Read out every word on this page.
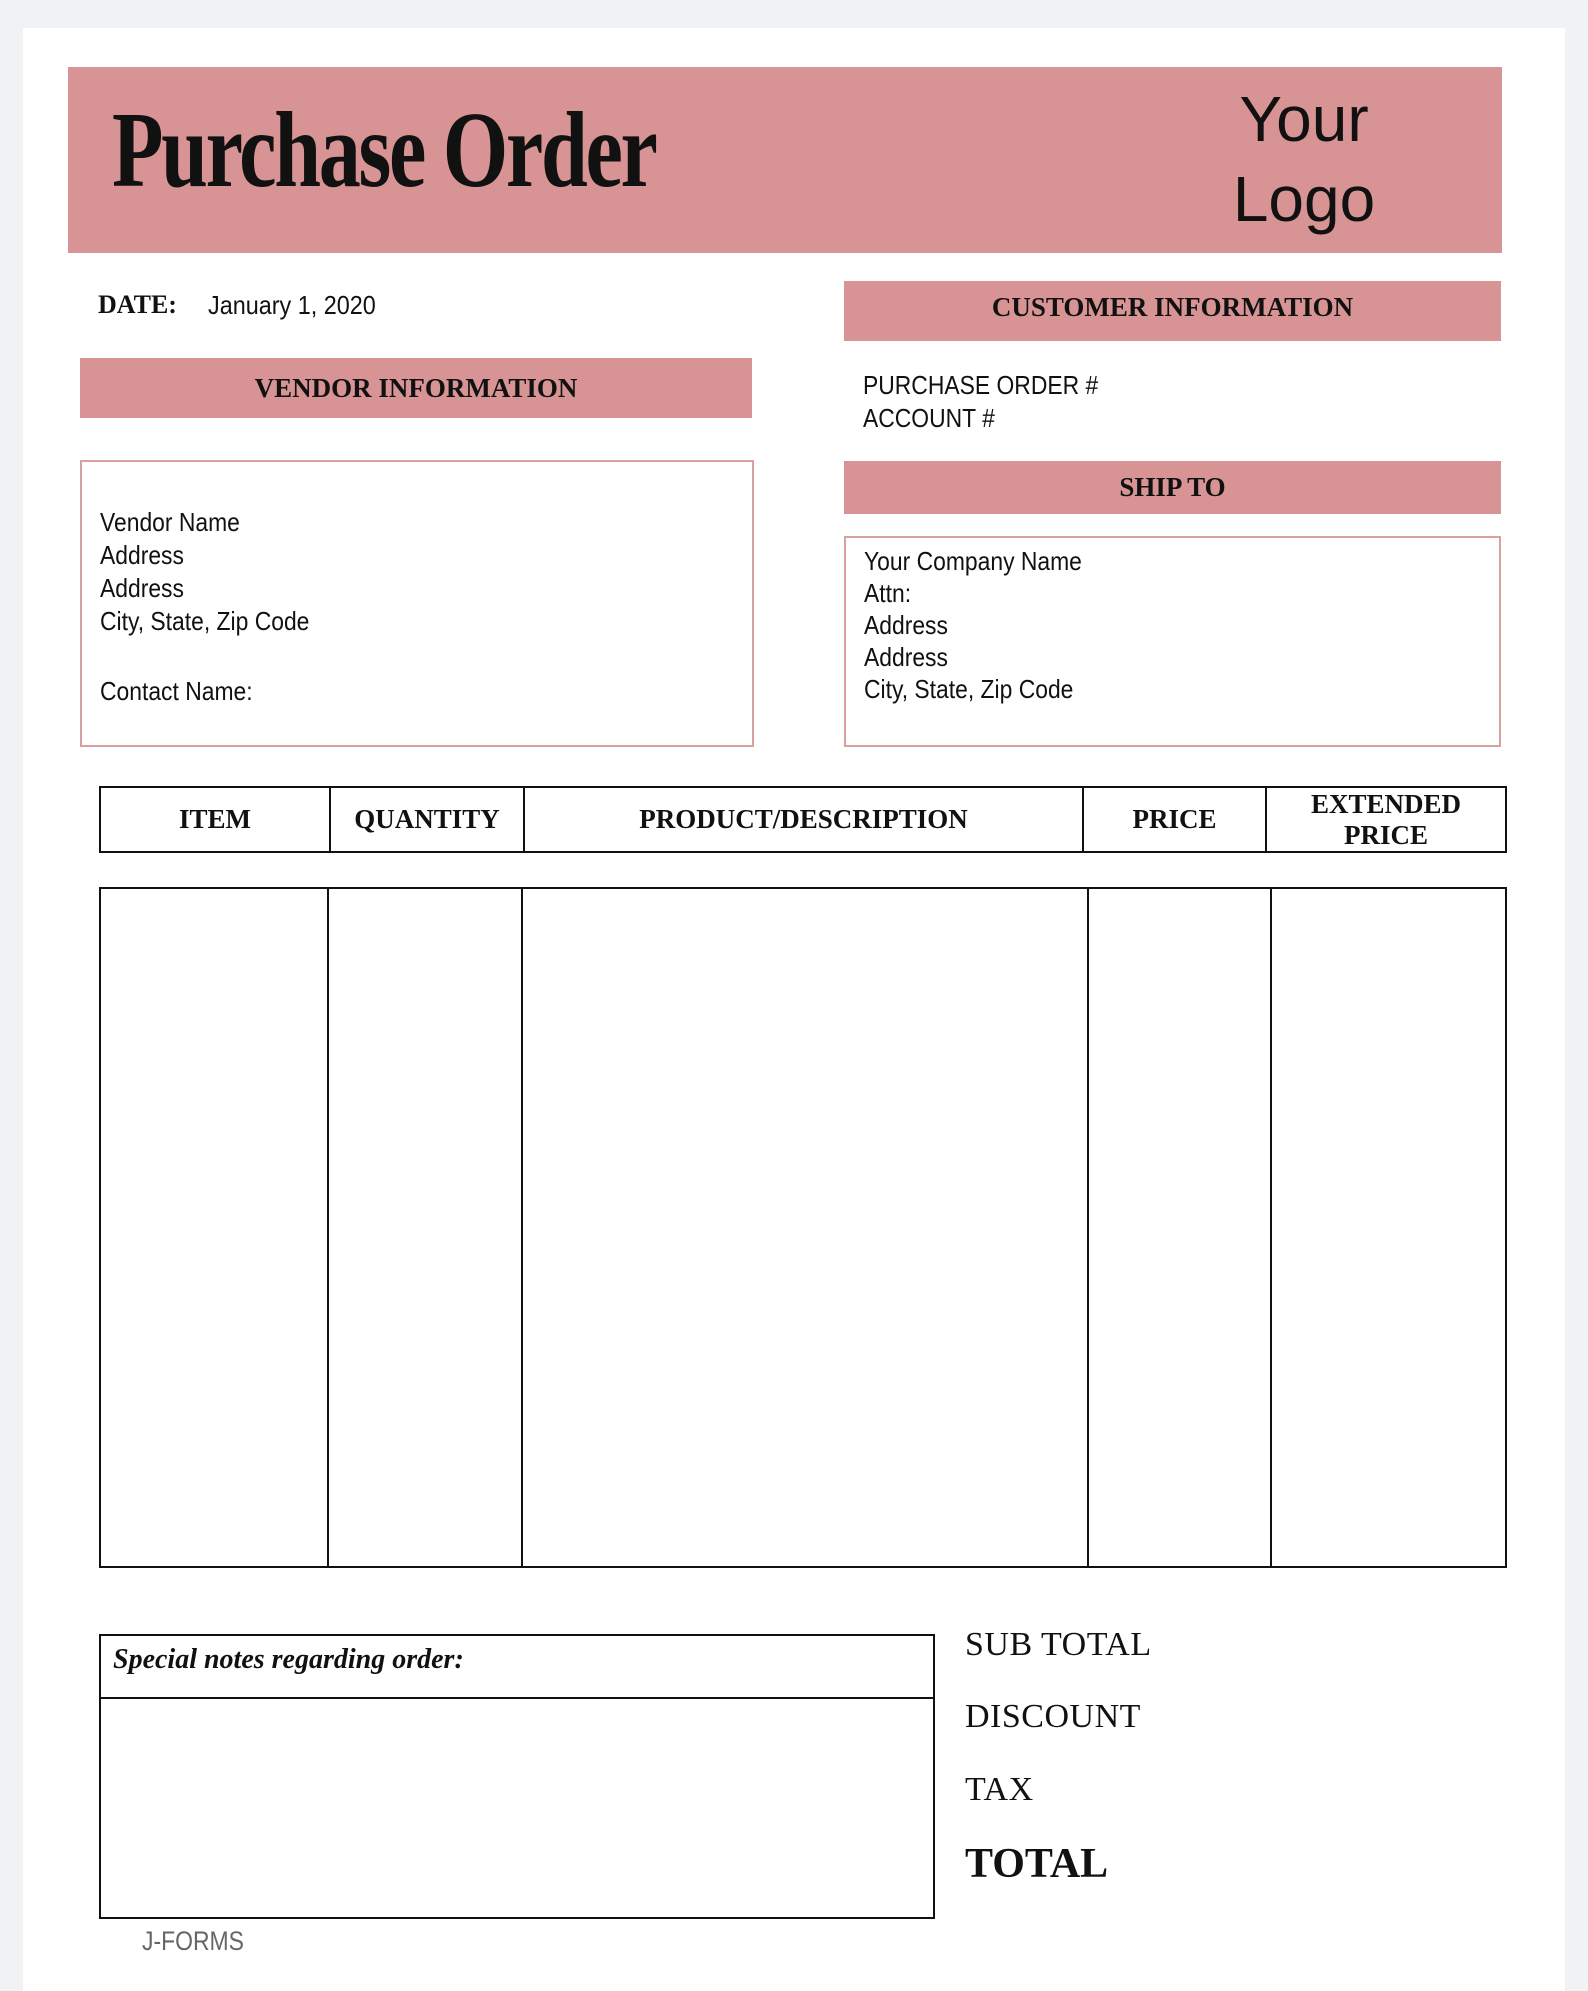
Purchase Order	Your
Logo
DATE: January 1, 2020
VENDOR INFORMATION
Vendor Name
Address
Address
City, State, Zip Code
Contact Name:
CUSTOMER INFORMATION
PURCHASE ORDER #
ACCOUNT #
SHIP TO
Your Company Name
Attn:
Address
Address
City, State, Zip Code
ITEM	QUANTITY	PRODUCT/DESCRIPTION	PRICE	EXTENDED PRICE

Special notes regarding order:	SUB TOTAL
DISCOUNT
TAX
TOTAL
J-FORMS
